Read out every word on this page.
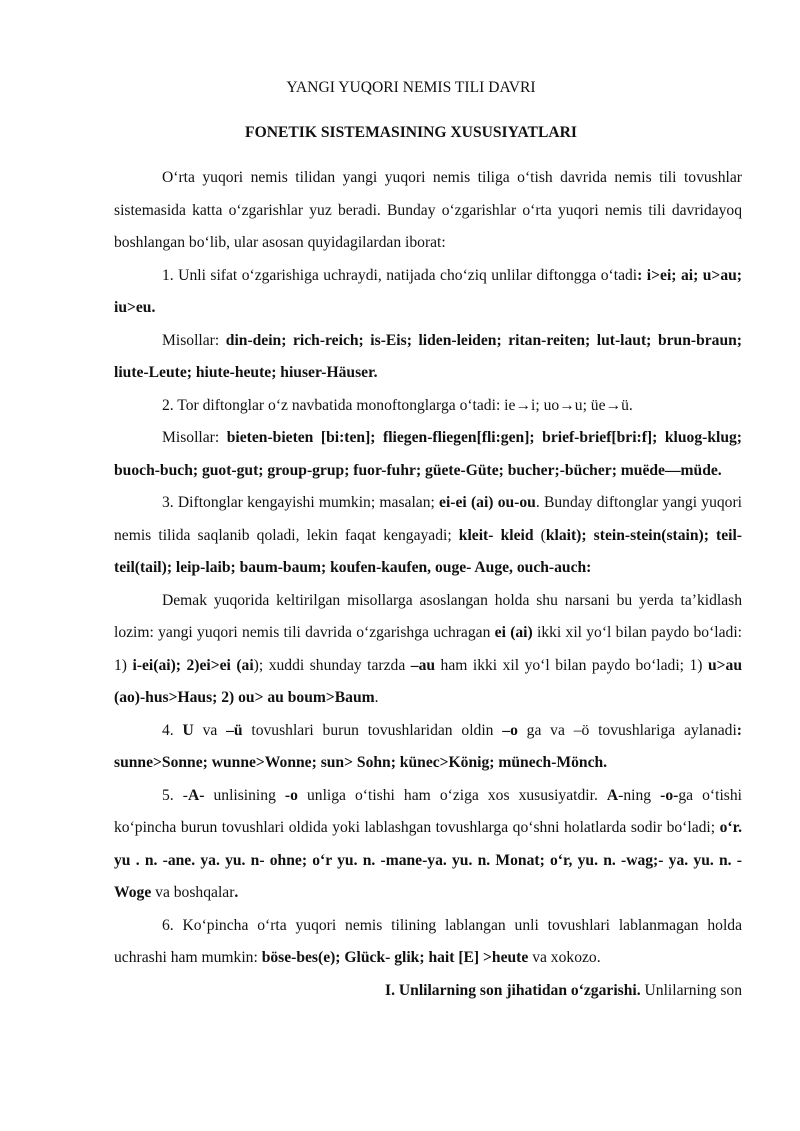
YANGI YUQORI NEMIS TILI DAVRI
FONETIK SISTEMASINING XUSUSIYATLARI

O‘rta yuqori nemis tilidan yangi yuqori nemis tiliga o‘tish davrida nemis tili tovushlar sistemasida katta o‘zgarishlar yuz beradi. Bunday o‘zgarishlar o‘rta yuqori nemis tili davridayoq boshlangan bo‘lib, ular asosan quyidagilardan iborat:

1. Unli sifat o‘zgarishiga uchraydi, natijada cho‘ziq unlilar diftongga o‘tadi: i>ei; ai; u>au; iu>eu.

Misollar: din-dein; rich-reich; is-Eis; liden-leiden; ritan-reiten; lut-laut; brun-braun; liute-Leute; hiute-heute; hiuser-Häuser.

2. Tor diftonglar o‘z navbatida monoftonglarga o‘tadi: ie→i; uo→u; üe→ü.

Misollar: bieten-bieten [bi:ten]; fliegen-fliegen[fli:gen]; brief-brief[bri:f]; kluog-klug; buoch-buch; guot-gut; group-grup; fuor-fuhr; güete-Güte; bucher;-bücher; muëde—müde.

3. Diftonglar kengayishi mumkin; masalan; ei-ei (ai) ou-ou. Bunday diftonglar yangi yuqori nemis tilida saqlanib qoladi, lekin faqat kengayadi; kleit- kleid (klait); stein-stein(stain); teil-teil(tail); leip-laib; baum-baum; koufen-kaufen, ouge- Auge, ouch-auch:

Demak yuqorida keltirilgan misollarga asoslangan holda shu narsani bu yerda ta’kidlash lozim: yangi yuqori nemis tili davrida o‘zgarishga uchragan ei (ai) ikki xil yo‘l bilan paydo bo‘ladi: 1) i-ei(ai); 2)ei>ei (ai); xuddi shunday tarzda –au ham ikki xil yo‘l bilan paydo bo‘ladi; 1) u>au (ao)-hus>Haus; 2) ou> au boum>Baum.

4. U va –ü tovushlari burun tovushlaridan oldin –o ga va –ö tovushlariga aylanadi: sunne>Sonne; wunne>Wonne; sun> Sohn; künec>König; münech-Mönch.

5. -A- unlisining -o unliga o‘tishi ham o‘ziga xos xususiyatdir. A-ning -o-ga o‘tishi ko‘pincha burun tovushlari oldida yoki lablashgan tovushlarga qo‘shni holatlarda sodir bo‘ladi; o‘r. yu . n. -ane. ya. yu. n- ohne; o‘r yu. n. -mane-ya. yu. n. Monat; o‘r, yu. n. -wag;- ya. yu. n. -Woge va boshqalar.

6. Ko‘pincha o‘rta yuqori nemis tilining lablangan unli tovushlari lablanmagan holda uchrashi ham mumkin: böse-bes(e); Glück- glik; hait [E] >heute va xokozo.

I. Unlilarning son jihatidan o‘zgarishi. Unlilarning son
